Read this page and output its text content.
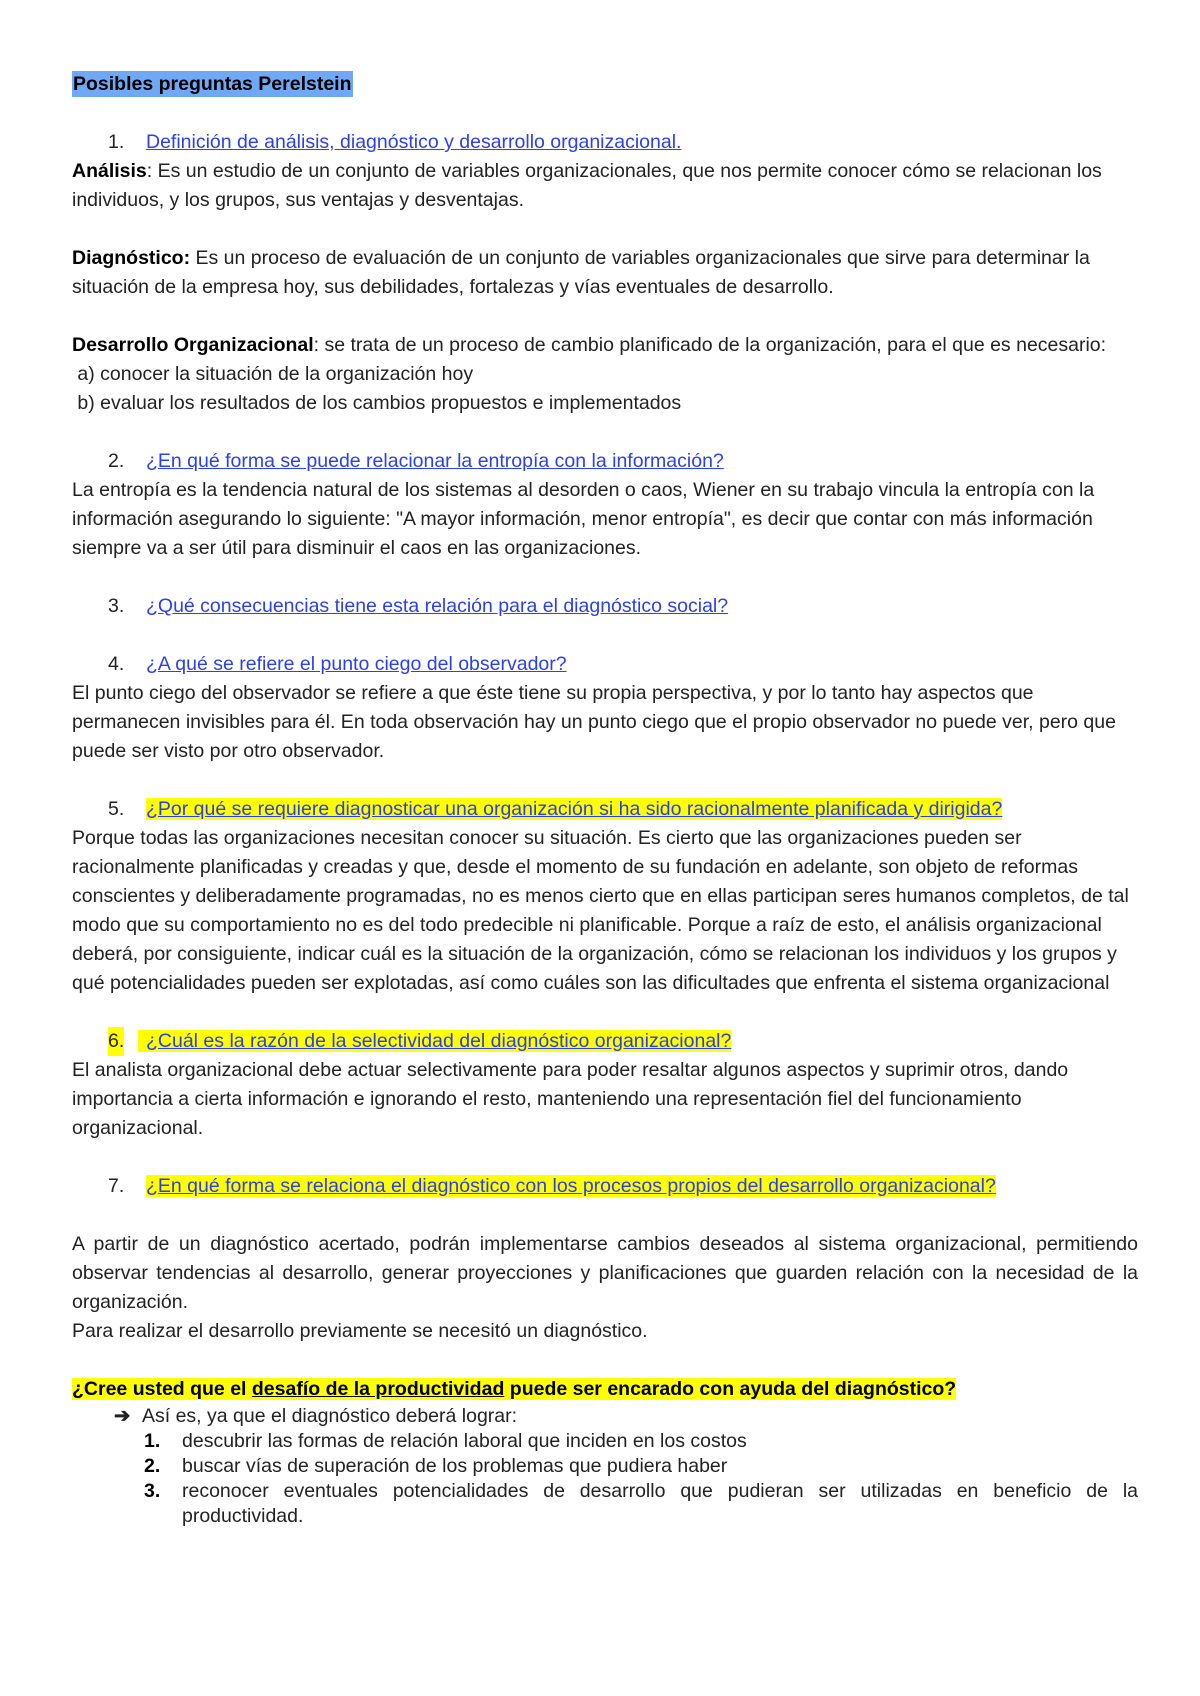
Posibles preguntas Perelstein

1. Definición de análisis, diagnóstico y desarrollo organizacional.

Análisis: Es un estudio de un conjunto de variables organizacionales, que nos permite conocer cómo se relacionan los individuos, y los grupos, sus ventajas y desventajas.

Diagnóstico: Es un proceso de evaluación de un conjunto de variables organizacionales que sirve para determinar la situación de la empresa hoy, sus debilidades, fortalezas y vías eventuales de desarrollo.

Desarrollo Organizacional: se trata de un proceso de cambio planificado de la organización, para el que es necesario:

a) conocer la situación de la organización hoy

b) evaluar los resultados de los cambios propuestos e implementados

2. ¿En qué forma se puede relacionar la entropía con la información?

La entropía es la tendencia natural de los sistemas al desorden o caos, Wiener en su trabajo vincula la entropía con la información asegurando lo siguiente: "A mayor información, menor entropía", es decir que contar con más información siempre va a ser útil para disminuir el caos en las organizaciones.

3. ¿Qué consecuencias tiene esta relación para el diagnóstico social?

4. ¿A qué se refiere el punto ciego del observador?

El punto ciego del observador se refiere a que éste tiene su propia perspectiva, y por lo tanto hay aspectos que permanecen invisibles para él. En toda observación hay un punto ciego que el propio observador no puede ver, pero que puede ser visto por otro observador.

5. ¿Por qué se requiere diagnosticar una organización si ha sido racionalmente planificada y dirigida?

Porque todas las organizaciones necesitan conocer su situación. Es cierto que las organizaciones pueden ser racionalmente planificadas y creadas y que, desde el momento de su fundación en adelante, son objeto de reformas conscientes y deliberadamente programadas, no es menos cierto que en ellas participan seres humanos completos, de tal modo que su comportamiento no es del todo predecible ni planificable. Porque a raíz de esto, el análisis organizacional deberá, por consiguiente, indicar cuál es la situación de la organización, cómo se relacionan los individuos y los grupos y qué potencialidades pueden ser explotadas, así como cuáles son las dificultades que enfrenta el sistema organizacional

6. ¿Cuál es la razón de la selectividad del diagnóstico organizacional?

El analista organizacional debe actuar selectivamente para poder resaltar algunos aspectos y suprimir otros, dando importancia a cierta información e ignorando el resto, manteniendo una representación fiel del funcionamiento organizacional.

7. ¿En qué forma se relaciona el diagnóstico con los procesos propios del desarrollo organizacional?

A partir de un diagnóstico acertado, podrán implementarse cambios deseados al sistema organizacional, permitiendo observar tendencias al desarrollo, generar proyecciones y planificaciones que guarden relación con la necesidad de la organización.

Para realizar el desarrollo previamente se necesitó un diagnóstico.

¿Cree usted que el desafío de la productividad puede ser encarado con ayuda del diagnóstico?

➔ Así es, ya que el diagnóstico deberá lograr:

1. descubrir las formas de relación laboral que inciden en los costos

2. buscar vías de superación de los problemas que pudiera haber

3. reconocer eventuales potencialidades de desarrollo que pudieran ser utilizadas en beneficio de la productividad.
